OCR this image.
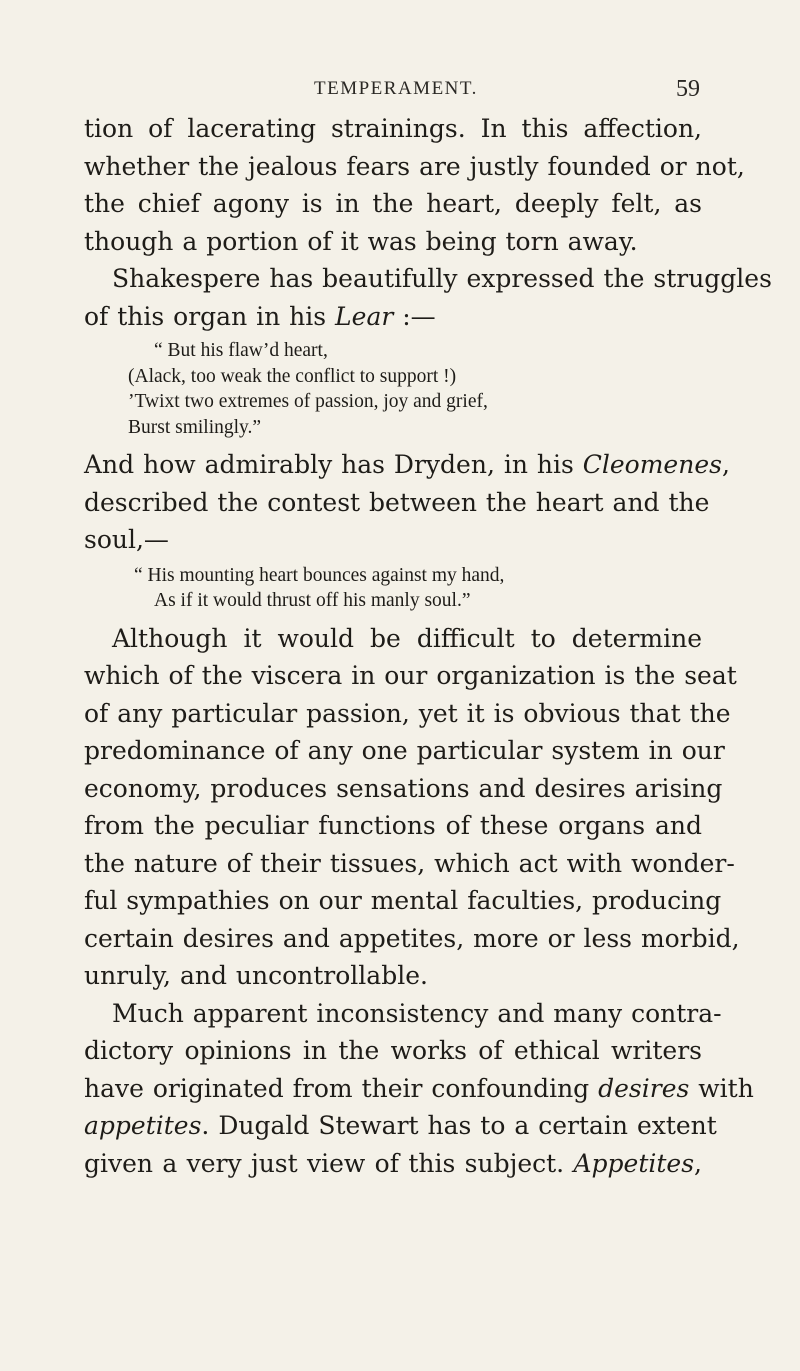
TEMPERAMENT.	59

tion of lacerating strainings. In this affection,
whether the jealous fears are justly founded or not,
the chief agony is in the heart, deeply felt, as
though a portion of it was being torn away.

Shakespere has beautifully expressed the struggles
of this organ in his Lear :—

“ But his flaw’d heart,
(Alack, too weak the conflict to support !)
’Twixt two extremes of passion, joy and grief,
Burst smilingly.”

And how admirably has Dryden, in his Cleomenes,
described the contest between the heart and the
soul,—

“ His mounting heart bounces against my hand,
As if it would thrust off his manly soul.”

Although it would be difficult to determine
which of the viscera in our organization is the seat
of any particular passion, yet it is obvious that the
predominance of any one particular system in our
economy, produces sensations and desires arising
from the peculiar functions of these organs and
the nature of their tissues, which act with wonder-
ful sympathies on our mental faculties, producing
certain desires and appetites, more or less morbid,
unruly, and uncontrollable.

Much apparent inconsistency and many contra-
dictory opinions in the works of ethical writers
have originated from their confounding desires with
appetites. Dugald Stewart has to a certain extent
given a very just view of this subject. Appetites,
